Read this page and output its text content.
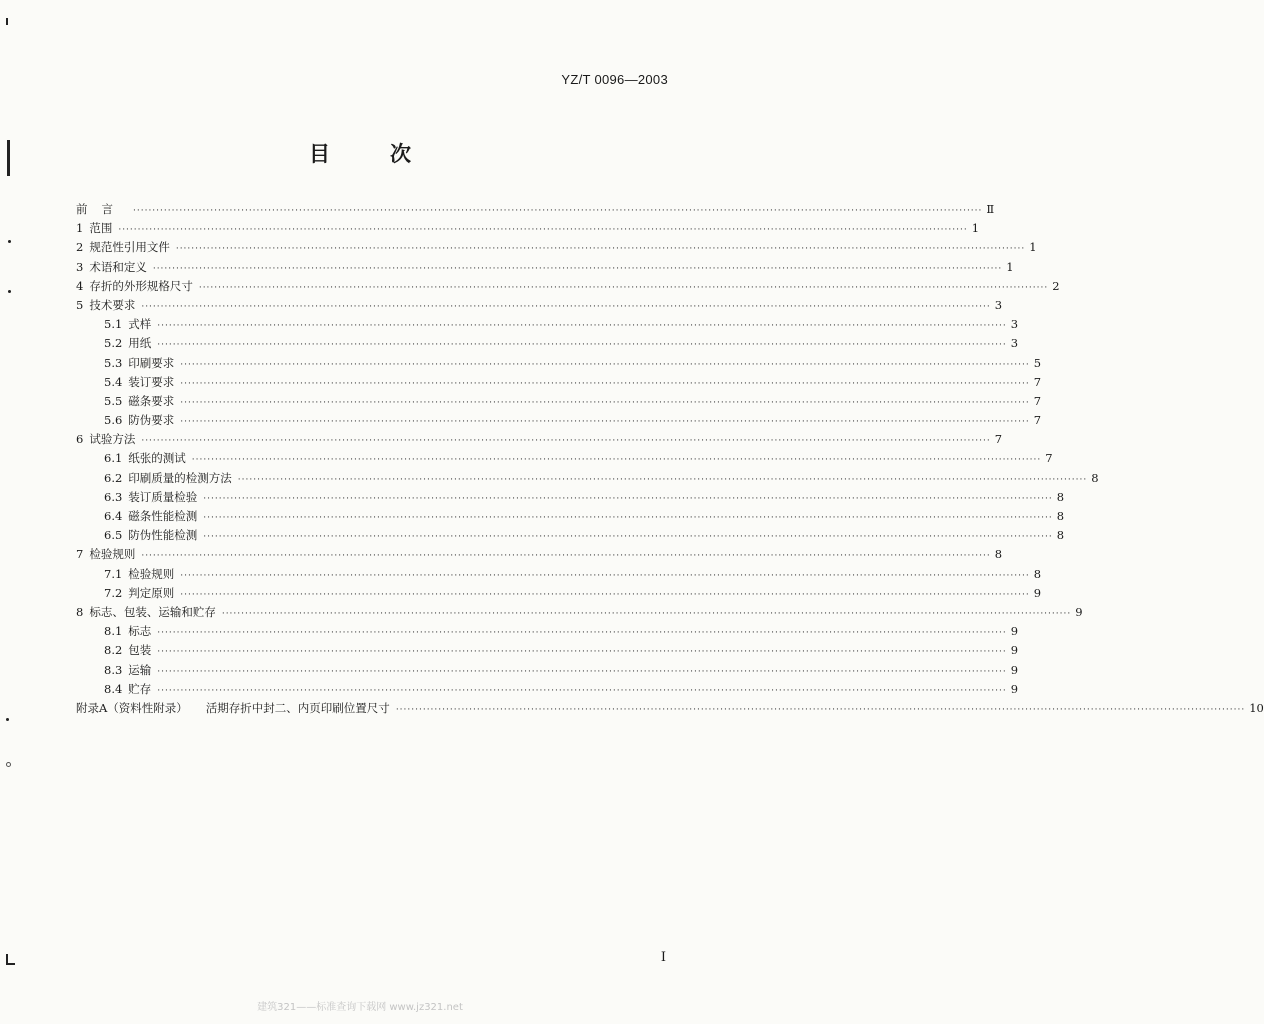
YZ/T 0096—2003
目	次
前言 ···························································································································································································································· Ⅱ
1 范围 ···························································································································································································································· 1
2 规范性引用文件 ···························································································································································································································· 1
3 术语和定义 ···························································································································································································································· 1
4 存折的外形规格尺寸 ···························································································································································································································· 2
5 技术要求 ···························································································································································································································· 3
5.1 式样 ···························································································································································································································· 3
5.2 用纸 ···························································································································································································································· 3
5.3 印刷要求 ···························································································································································································································· 5
5.4 装订要求 ···························································································································································································································· 7
5.5 磁条要求 ···························································································································································································································· 7
5.6 防伪要求 ···························································································································································································································· 7
6 试验方法 ···························································································································································································································· 7
6.1 纸张的测试 ···························································································································································································································· 7
6.2 印刷质量的检测方法 ···························································································································································································································· 8
6.3 装订质量检验 ···························································································································································································································· 8
6.4 磁条性能检测 ···························································································································································································································· 8
6.5 防伪性能检测 ···························································································································································································································· 8
7 检验规则 ···························································································································································································································· 8
7.1 检验规则 ···························································································································································································································· 8
7.2 判定原则 ···························································································································································································································· 9
8 标志、包装、运输和贮存 ···························································································································································································································· 9
8.1 标志 ···························································································································································································································· 9
8.2 包装 ···························································································································································································································· 9
8.3 运输 ···························································································································································································································· 9
8.4 贮存 ···························································································································································································································· 9
附录A（资料性附录） 活期存折中封二、内页印刷位置尺寸 ···························································································································································································································· 10
Ⅰ
建筑321——标准查询下载网 www.jz321.net
